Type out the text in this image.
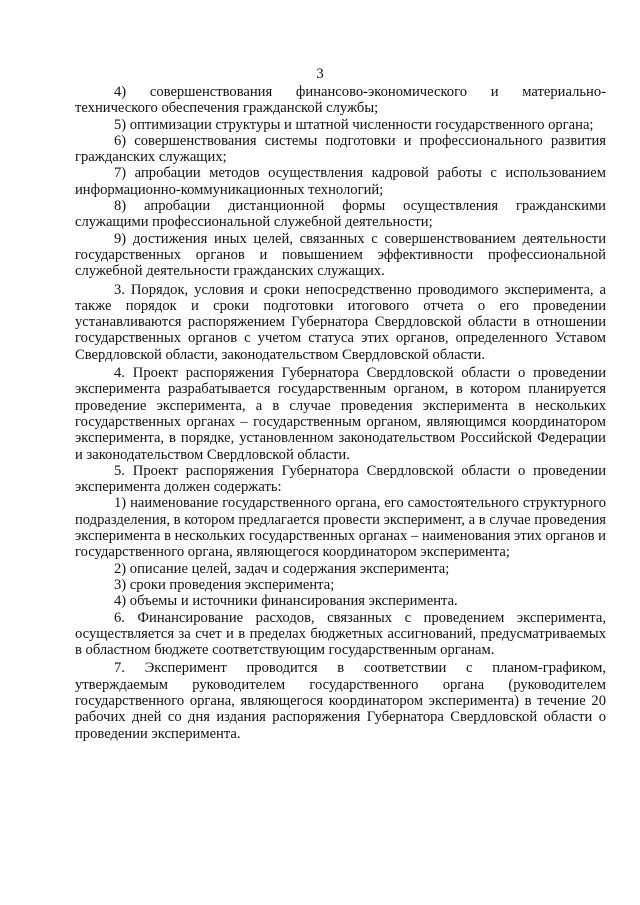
3

4) совершенствования финансово-экономического и материально-технического обеспечения гражданской службы;

5) оптимизации структуры и штатной численности государственного органа;

6) совершенствования системы подготовки и профессионального развития гражданских служащих;

7) апробации методов осуществления кадровой работы с использованием информационно-коммуникационных технологий;

8) апробации дистанционной формы осуществления гражданскими служащими профессиональной служебной деятельности;

9) достижения иных целей, связанных с совершенствованием деятельности государственных органов и повышением эффективности профессиональной служебной деятельности гражданских служащих.

3. Порядок, условия и сроки непосредственно проводимого эксперимента, а также порядок и сроки подготовки итогового отчета о его проведении устанавливаются распоряжением Губернатора Свердловской области в отношении государственных органов с учетом статуса этих органов, определенного Уставом Свердловской области, законодательством Свердловской области.

4. Проект распоряжения Губернатора Свердловской области о проведении эксперимента разрабатывается государственным органом, в котором планируется проведение эксперимента, а в случае проведения эксперимента в нескольких государственных органах – государственным органом, являющимся координатором эксперимента, в порядке, установленном законодательством Российской Федерации и законодательством Свердловской области.

5. Проект распоряжения Губернатора Свердловской области о проведении эксперимента должен содержать:

1) наименование государственного органа, его самостоятельного структурного подразделения, в котором предлагается провести эксперимент, а в случае проведения эксперимента в нескольких государственных органах – наименования этих органов и государственного органа, являющегося координатором эксперимента;

2) описание целей, задач и содержания эксперимента;

3) сроки проведения эксперимента;

4) объемы и источники финансирования эксперимента.

6. Финансирование расходов, связанных с проведением эксперимента, осуществляется за счет и в пределах бюджетных ассигнований, предусматриваемых в областном бюджете соответствующим государственным органам.

7. Эксперимент проводится в соответствии с планом-графиком, утверждаемым руководителем государственного органа (руководителем государственного органа, являющегося координатором эксперимента) в течение 20 рабочих дней со дня издания распоряжения Губернатора Свердловской области о проведении эксперимента.
